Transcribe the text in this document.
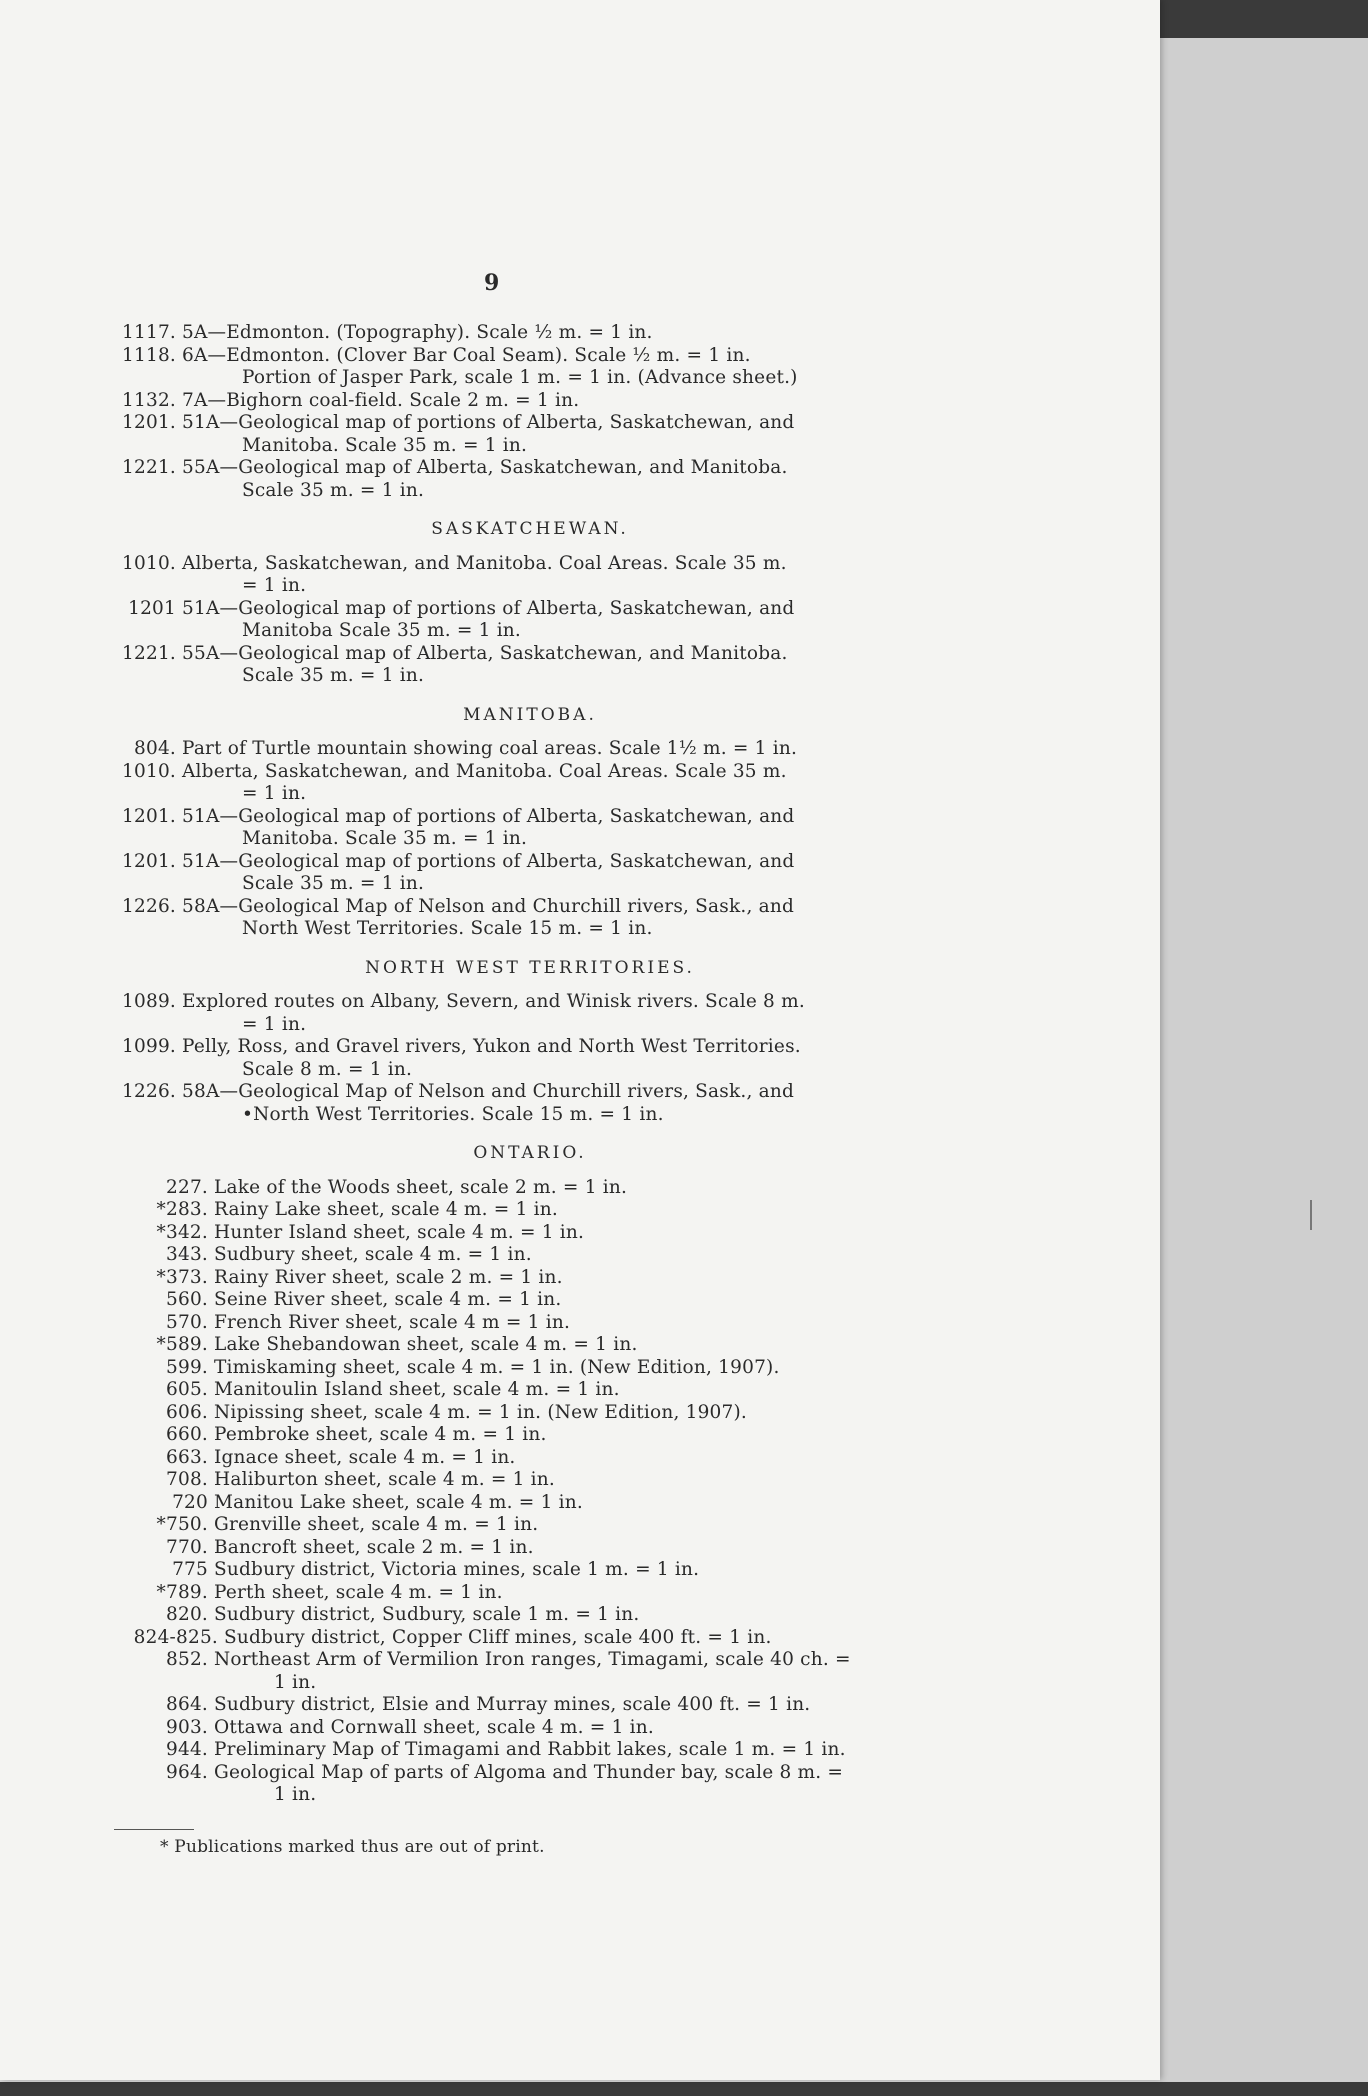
9
1117. 5A—Edmonton. (Topography). Scale ½ m. = 1 in.
1118. 6A—Edmonton. (Clover Bar Coal Seam). Scale ½ m. = 1 in.
Portion of Jasper Park, scale 1 m. = 1 in. (Advance sheet.)
1132. 7A—Bighorn coal-field. Scale 2 m. = 1 in.
1201. 51A—Geological map of portions of Alberta, Saskatchewan, and
Manitoba. Scale 35 m. = 1 in.
1221. 55A—Geological map of Alberta, Saskatchewan, and Manitoba.
Scale 35 m. = 1 in.
SASKATCHEWAN.
1010. Alberta, Saskatchewan, and Manitoba. Coal Areas. Scale 35 m.
= 1 in.
1201 51A—Geological map of portions of Alberta, Saskatchewan, and
Manitoba Scale 35 m. = 1 in.
1221. 55A—Geological map of Alberta, Saskatchewan, and Manitoba.
Scale 35 m. = 1 in.
MANITOBA.
804. Part of Turtle mountain showing coal areas. Scale 1½ m. = 1 in.
1010. Alberta, Saskatchewan, and Manitoba. Coal Areas. Scale 35 m.
= 1 in.
1201. 51A—Geological map of portions of Alberta, Saskatchewan, and
Manitoba. Scale 35 m. = 1 in.
1201. 51A—Geological map of portions of Alberta, Saskatchewan, and
Scale 35 m. = 1 in.
1226. 58A—Geological Map of Nelson and Churchill rivers, Sask., and
North West Territories. Scale 15 m. = 1 in.
NORTH WEST TERRITORIES.
1089. Explored routes on Albany, Severn, and Winisk rivers. Scale 8 m.
= 1 in.
1099. Pelly, Ross, and Gravel rivers, Yukon and North West Territories.
Scale 8 m. = 1 in.
1226. 58A—Geological Map of Nelson and Churchill rivers, Sask., and
•North West Territories. Scale 15 m. = 1 in.
ONTARIO.
227. Lake of the Woods sheet, scale 2 m. = 1 in.
*283. Rainy Lake sheet, scale 4 m. = 1 in.
*342. Hunter Island sheet, scale 4 m. = 1 in.
343. Sudbury sheet, scale 4 m. = 1 in.
*373. Rainy River sheet, scale 2 m. = 1 in.
560. Seine River sheet, scale 4 m. = 1 in.
570. French River sheet, scale 4 m = 1 in.
*589. Lake Shebandowan sheet, scale 4 m. = 1 in.
599. Timiskaming sheet, scale 4 m. = 1 in. (New Edition, 1907).
605. Manitoulin Island sheet, scale 4 m. = 1 in.
606. Nipissing sheet, scale 4 m. = 1 in. (New Edition, 1907).
660. Pembroke sheet, scale 4 m. = 1 in.
663. Ignace sheet, scale 4 m. = 1 in.
708. Haliburton sheet, scale 4 m. = 1 in.
720 Manitou Lake sheet, scale 4 m. = 1 in.
*750. Grenville sheet, scale 4 m. = 1 in.
770. Bancroft sheet, scale 2 m. = 1 in.
775 Sudbury district, Victoria mines, scale 1 m. = 1 in.
*789. Perth sheet, scale 4 m. = 1 in.
820. Sudbury district, Sudbury, scale 1 m. = 1 in.
824-825. Sudbury district, Copper Cliff mines, scale 400 ft. = 1 in.
852. Northeast Arm of Vermilion Iron ranges, Timagami, scale 40 ch. =
1 in.
864. Sudbury district, Elsie and Murray mines, scale 400 ft. = 1 in.
903. Ottawa and Cornwall sheet, scale 4 m. = 1 in.
944. Preliminary Map of Timagami and Rabbit lakes, scale 1 m. = 1 in.
964. Geological Map of parts of Algoma and Thunder bay, scale 8 m. =
1 in.
* Publications marked thus are out of print.
